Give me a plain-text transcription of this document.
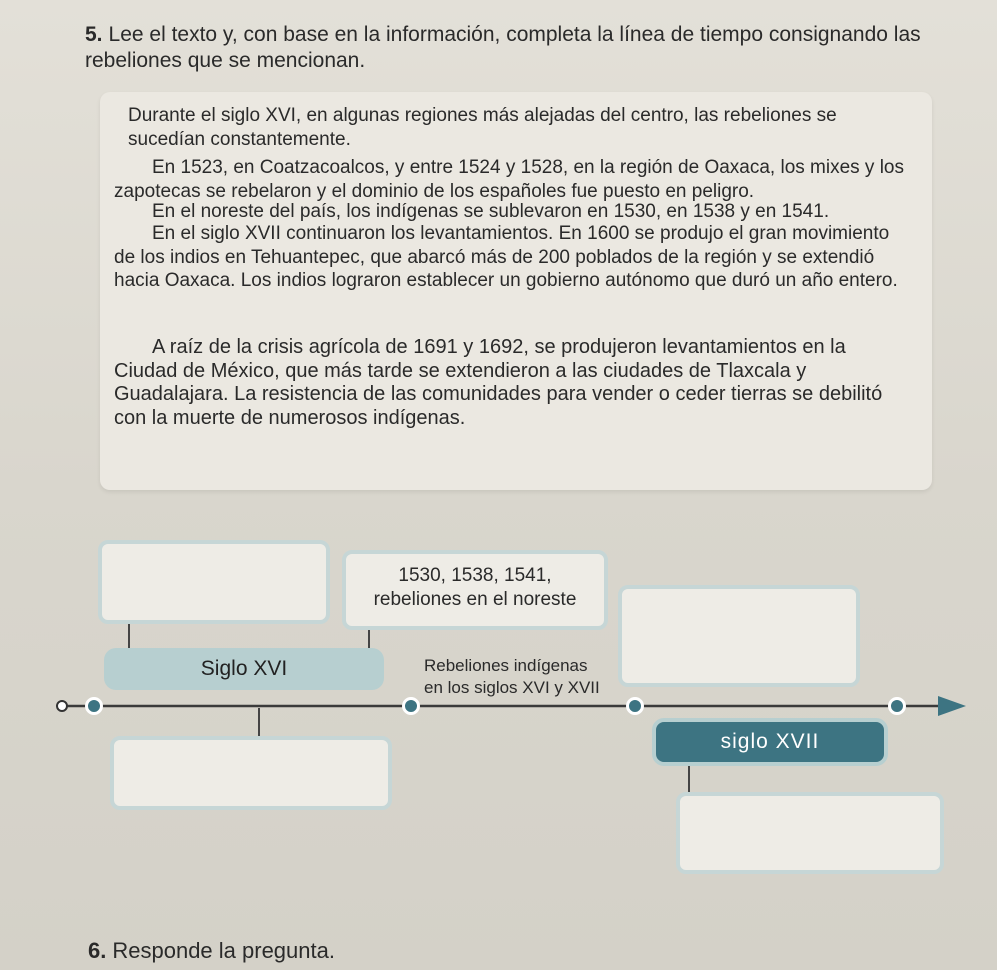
5. Lee el texto y, con base en la información, completa la línea de tiempo consignando las rebeliones que se mencionan.

Durante el siglo XVI, en algunas regiones más alejadas del centro, las rebeliones se sucedían constantemente.

En 1523, en Coatzacoalcos, y entre 1524 y 1528, en la región de Oaxaca, los mixes y los zapotecas se rebelaron y el dominio de los españoles fue puesto en peligro.

En el noreste del país, los indígenas se sublevaron en 1530, en 1538 y en 1541.

En el siglo XVII continuaron los levantamientos. En 1600 se produjo el gran movimiento de los indios en Tehuantepec, que abarcó más de 200 poblados de la región y se extendió hacia Oaxaca. Los indios lograron establecer un gobierno autónomo que duró un año entero.

A raíz de la crisis agrícola de 1691 y 1692, se produjeron levantamientos en la Ciudad de México, que más tarde se extendieron a las ciudades de Tlaxcala y Guadalajara. La resistencia de las comunidades para vender o ceder tierras se debilitó con la muerte de numerosos indígenas.

1530, 1538, 1541,
rebeliones en el noreste
Siglo XVI	Rebeliones indígenas
en los siglos XVI y XVII
siglo XVII
6. Responde la pregunta.
